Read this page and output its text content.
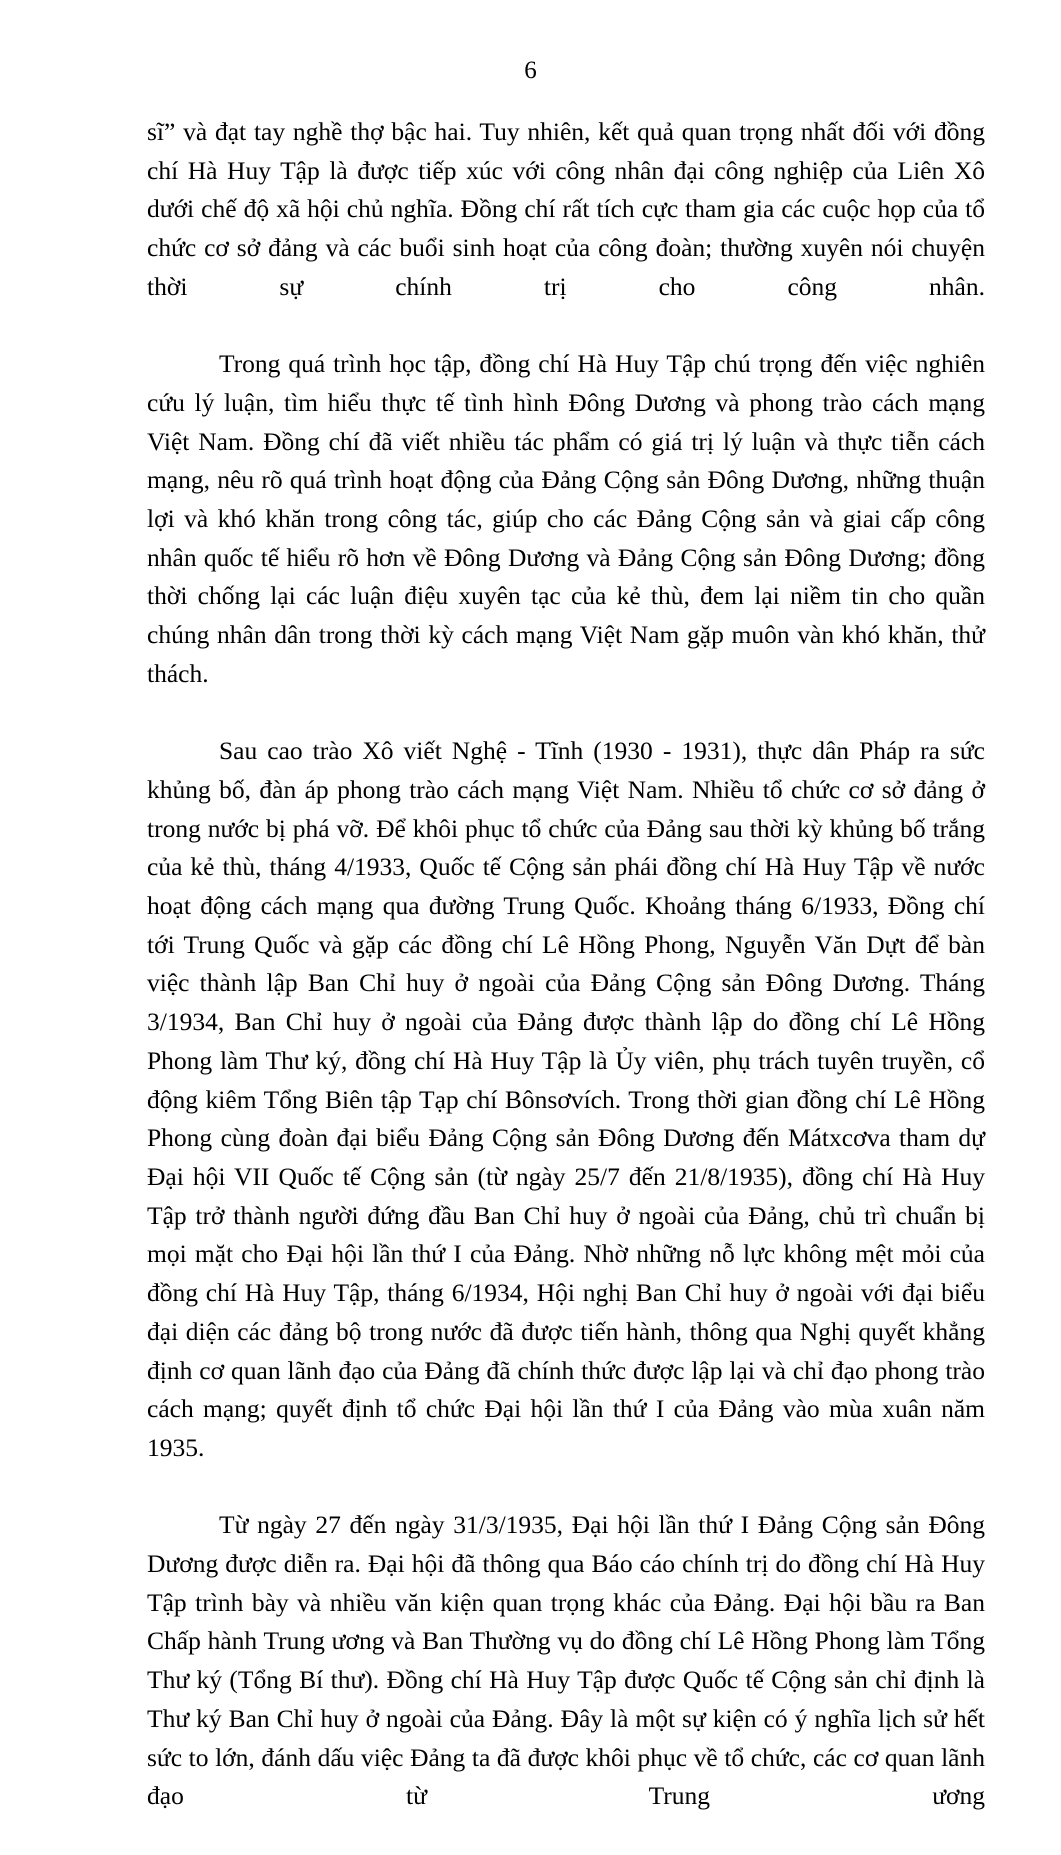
6

sĩ” và đạt tay nghề thợ bậc hai. Tuy nhiên, kết quả quan trọng nhất đối với đồng chí Hà Huy Tập là được tiếp xúc với công nhân đại công nghiệp của Liên Xô dưới chế độ xã hội chủ nghĩa. Đồng chí rất tích cực tham gia các cuộc họp của tổ chức cơ sở đảng và các buổi sinh hoạt của công đoàn; thường xuyên nói chuyện thời sự chính trị cho công nhân.

Trong quá trình học tập, đồng chí Hà Huy Tập chú trọng đến việc nghiên cứu lý luận, tìm hiểu thực tế tình hình Đông Dương và phong trào cách mạng Việt Nam. Đồng chí đã viết nhiều tác phẩm có giá trị lý luận và thực tiễn cách mạng, nêu rõ quá trình hoạt động của Đảng Cộng sản Đông Dương, những thuận lợi và khó khăn trong công tác, giúp cho các Đảng Cộng sản và giai cấp công nhân quốc tế hiểu rõ hơn về Đông Dương và Đảng Cộng sản Đông Dương; đồng thời chống lại các luận điệu xuyên tạc của kẻ thù, đem lại niềm tin cho quần chúng nhân dân trong thời kỳ cách mạng Việt Nam gặp muôn vàn khó khăn, thử thách.

Sau cao trào Xô viết Nghệ - Tĩnh (1930 - 1931), thực dân Pháp ra sức khủng bố, đàn áp phong trào cách mạng Việt Nam. Nhiều tổ chức cơ sở đảng ở trong nước bị phá vỡ. Để khôi phục tổ chức của Đảng sau thời kỳ khủng bố trắng của kẻ thù, tháng 4/1933, Quốc tế Cộng sản phái đồng chí Hà Huy Tập về nước hoạt động cách mạng qua đường Trung Quốc. Khoảng tháng 6/1933, Đồng chí tới Trung Quốc và gặp các đồng chí Lê Hồng Phong, Nguyễn Văn Dựt để bàn việc thành lập Ban Chỉ huy ở ngoài của Đảng Cộng sản Đông Dương. Tháng 3/1934, Ban Chỉ huy ở ngoài của Đảng được thành lập do đồng chí Lê Hồng Phong làm Thư ký, đồng chí Hà Huy Tập là Ủy viên, phụ trách tuyên truyền, cổ động kiêm Tổng Biên tập Tạp chí Bônsơvích. Trong thời gian đồng chí Lê Hồng Phong cùng đoàn đại biểu Đảng Cộng sản Đông Dương đến Mátxcơva tham dự Đại hội VII Quốc tế Cộng sản (từ ngày 25/7 đến 21/8/1935), đồng chí Hà Huy Tập trở thành người đứng đầu Ban Chỉ huy ở ngoài của Đảng, chủ trì chuẩn bị mọi mặt cho Đại hội lần thứ I của Đảng. Nhờ những nỗ lực không mệt mỏi của đồng chí Hà Huy Tập, tháng 6/1934, Hội nghị Ban Chỉ huy ở ngoài với đại biểu đại diện các đảng bộ trong nước đã được tiến hành, thông qua Nghị quyết khẳng định cơ quan lãnh đạo của Đảng đã chính thức được lập lại và chỉ đạo phong trào cách mạng; quyết định tổ chức Đại hội lần thứ I của Đảng vào mùa xuân năm 1935.

Từ ngày 27 đến ngày 31/3/1935, Đại hội lần thứ I Đảng Cộng sản Đông Dương được diễn ra. Đại hội đã thông qua Báo cáo chính trị do đồng chí Hà Huy Tập trình bày và nhiều văn kiện quan trọng khác của Đảng. Đại hội bầu ra Ban Chấp hành Trung ương và Ban Thường vụ do đồng chí Lê Hồng Phong làm Tổng Thư ký (Tổng Bí thư). Đồng chí Hà Huy Tập được Quốc tế Cộng sản chỉ định là Thư ký Ban Chỉ huy ở ngoài của Đảng. Đây là một sự kiện có ý nghĩa lịch sử hết sức to lớn, đánh dấu việc Đảng ta đã được khôi phục về tổ chức, các cơ quan lãnh đạo từ Trung ương
